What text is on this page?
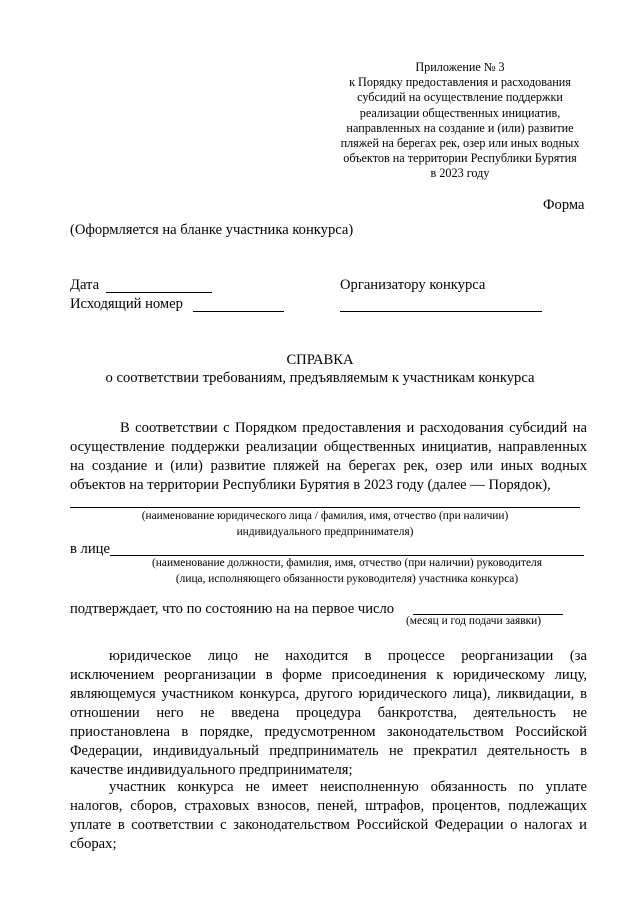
Приложение № 3
к Порядку предоставления и расходования
субсидий на осуществление поддержки
реализации общественных инициатив,
направленных на создание и (или) развитие
пляжей на берегах рек, озер или иных водных
объектов на территории Республики Бурятия
в 2023 году
Форма
(Оформляется на бланке участника конкурса)
Дата
Исходящий номер
Организатору конкурса
СПРАВКА
о соответствии требованиям, предъявляемым к участникам конкурса
В соответствии с Порядком предоставления и расходования субсидий на
осуществление поддержки реализации общественных инициатив, направленных
на создание и (или) развитие пляжей на берегах рек, озер или иных водных
объектов на территории Республики Бурятия в 2023 году (далее — Порядок),
(наименование юридического лица / фамилия, имя, отчество (при наличии)
индивидуального предпринимателя)
в лице
(наименование должности, фамилия, имя, отчество (при наличии) руководителя
(лица, исполняющего обязанности руководителя) участника конкурса)
подтверждает, что по состоянию на на первое число
(месяц и год подачи заявки)
юридическое лицо не находится в процессе реорганизации (за
исключением реорганизации в форме присоединения к юридическому лицу,
являющемуся участником конкурса, другого юридического лица), ликвидации, в
отношении него не введена процедура банкротства, деятельность не
приостановлена в порядке, предусмотренном законодательством Российской
Федерации, индивидуальный предприниматель не прекратил деятельность в
качестве индивидуального предпринимателя;
участник конкурса не имеет неисполненную обязанность по уплате
налогов, сборов, страховых взносов, пеней, штрафов, процентов, подлежащих
уплате в соответствии с законодательством Российской Федерации о налогах и
сборах;
